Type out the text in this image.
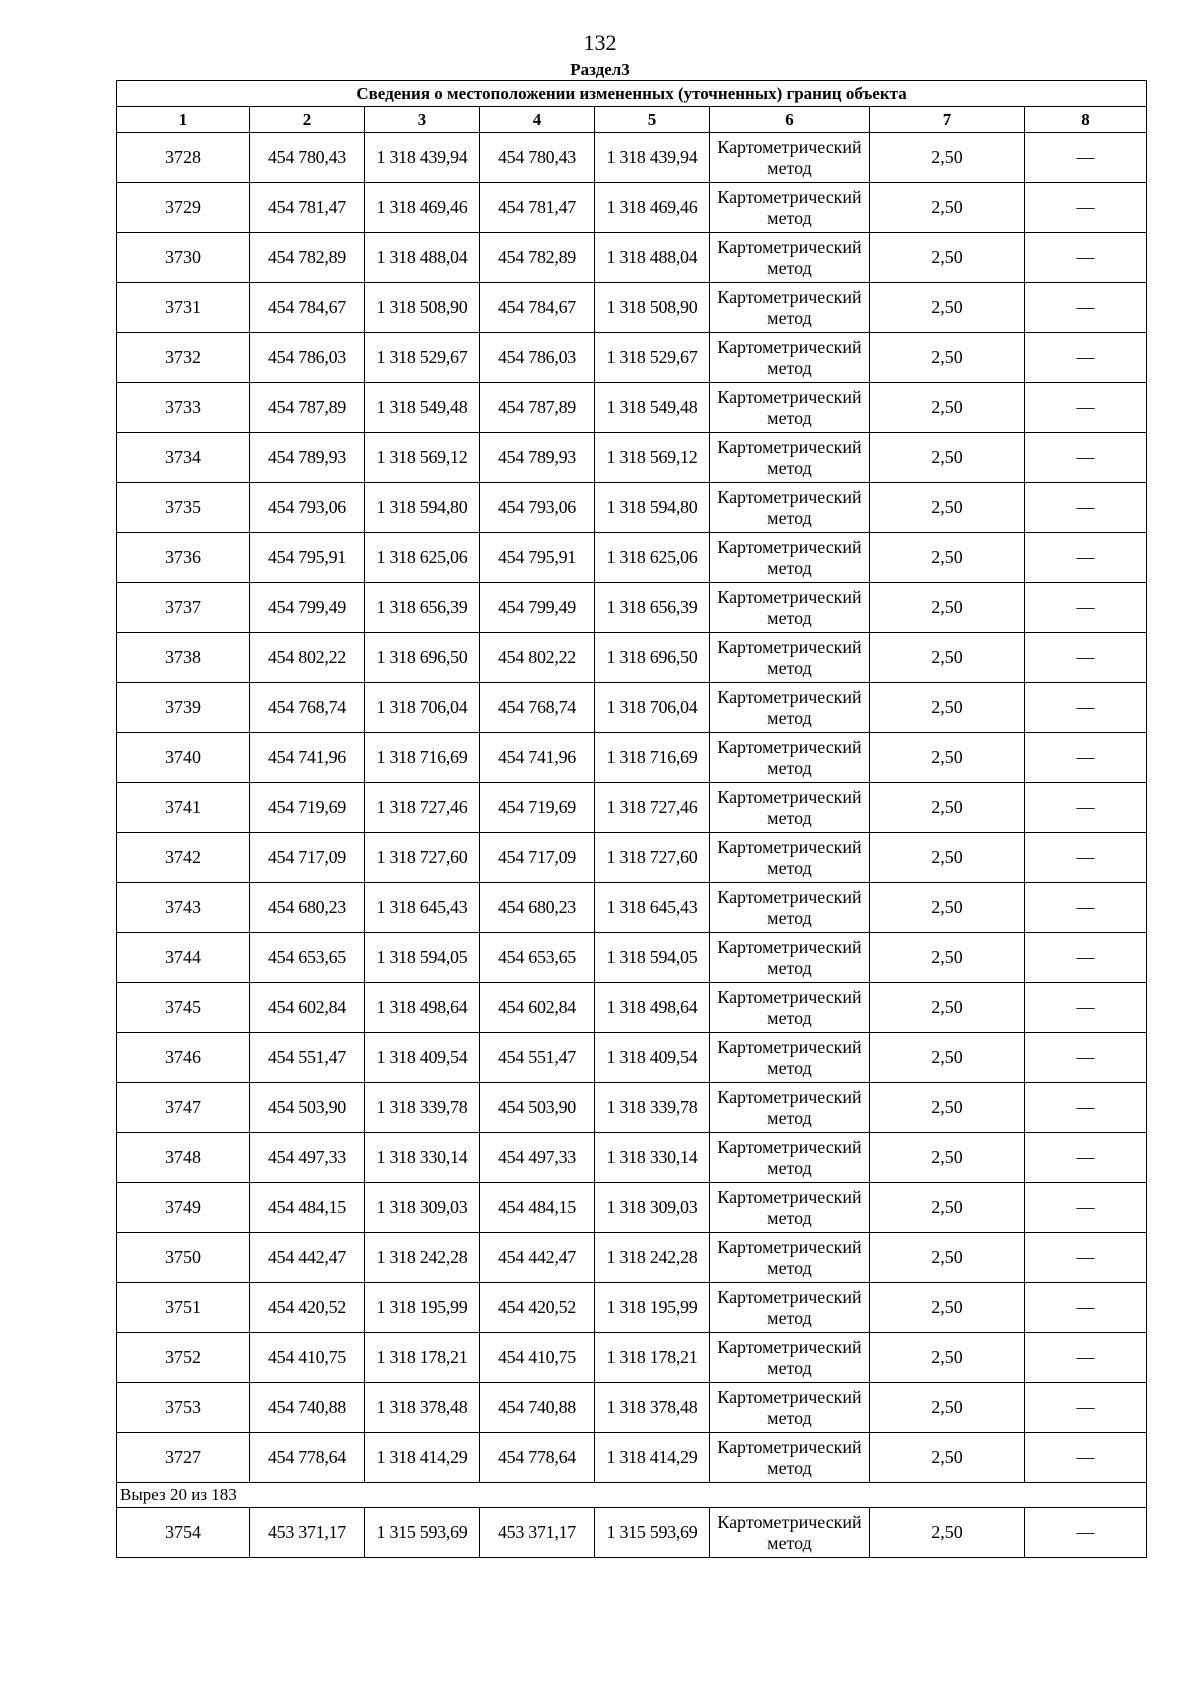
132
Раздел3
Сведения о местоположении измененных (уточненных) границ объекта							
1	2	3	4	5	6	7	8
3728	454 780,43	1 318 439,94	454 780,43	1 318 439,94	Картометрический метод	2,50	—
3729	454 781,47	1 318 469,46	454 781,47	1 318 469,46	Картометрический метод	2,50	—
3730	454 782,89	1 318 488,04	454 782,89	1 318 488,04	Картометрический метод	2,50	—
3731	454 784,67	1 318 508,90	454 784,67	1 318 508,90	Картометрический метод	2,50	—
3732	454 786,03	1 318 529,67	454 786,03	1 318 529,67	Картометрический метод	2,50	—
3733	454 787,89	1 318 549,48	454 787,89	1 318 549,48	Картометрический метод	2,50	—
3734	454 789,93	1 318 569,12	454 789,93	1 318 569,12	Картометрический метод	2,50	—
3735	454 793,06	1 318 594,80	454 793,06	1 318 594,80	Картометрический метод	2,50	—
3736	454 795,91	1 318 625,06	454 795,91	1 318 625,06	Картометрический метод	2,50	—
3737	454 799,49	1 318 656,39	454 799,49	1 318 656,39	Картометрический метод	2,50	—
3738	454 802,22	1 318 696,50	454 802,22	1 318 696,50	Картометрический метод	2,50	—
3739	454 768,74	1 318 706,04	454 768,74	1 318 706,04	Картометрический метод	2,50	—
3740	454 741,96	1 318 716,69	454 741,96	1 318 716,69	Картометрический метод	2,50	—
3741	454 719,69	1 318 727,46	454 719,69	1 318 727,46	Картометрический метод	2,50	—
3742	454 717,09	1 318 727,60	454 717,09	1 318 727,60	Картометрический метод	2,50	—
3743	454 680,23	1 318 645,43	454 680,23	1 318 645,43	Картометрический метод	2,50	—
3744	454 653,65	1 318 594,05	454 653,65	1 318 594,05	Картометрический метод	2,50	—
3745	454 602,84	1 318 498,64	454 602,84	1 318 498,64	Картометрический метод	2,50	—
3746	454 551,47	1 318 409,54	454 551,47	1 318 409,54	Картометрический метод	2,50	—
3747	454 503,90	1 318 339,78	454 503,90	1 318 339,78	Картометрический метод	2,50	—
3748	454 497,33	1 318 330,14	454 497,33	1 318 330,14	Картометрический метод	2,50	—
3749	454 484,15	1 318 309,03	454 484,15	1 318 309,03	Картометрический метод	2,50	—
3750	454 442,47	1 318 242,28	454 442,47	1 318 242,28	Картометрический метод	2,50	—
3751	454 420,52	1 318 195,99	454 420,52	1 318 195,99	Картометрический метод	2,50	—
3752	454 410,75	1 318 178,21	454 410,75	1 318 178,21	Картометрический метод	2,50	—
3753	454 740,88	1 318 378,48	454 740,88	1 318 378,48	Картометрический метод	2,50	—
3727	454 778,64	1 318 414,29	454 778,64	1 318 414,29	Картометрический метод	2,50	—
Вырез 20 из 183							
3754	453 371,17	1 315 593,69	453 371,17	1 315 593,69	Картометрический метод	2,50	—
